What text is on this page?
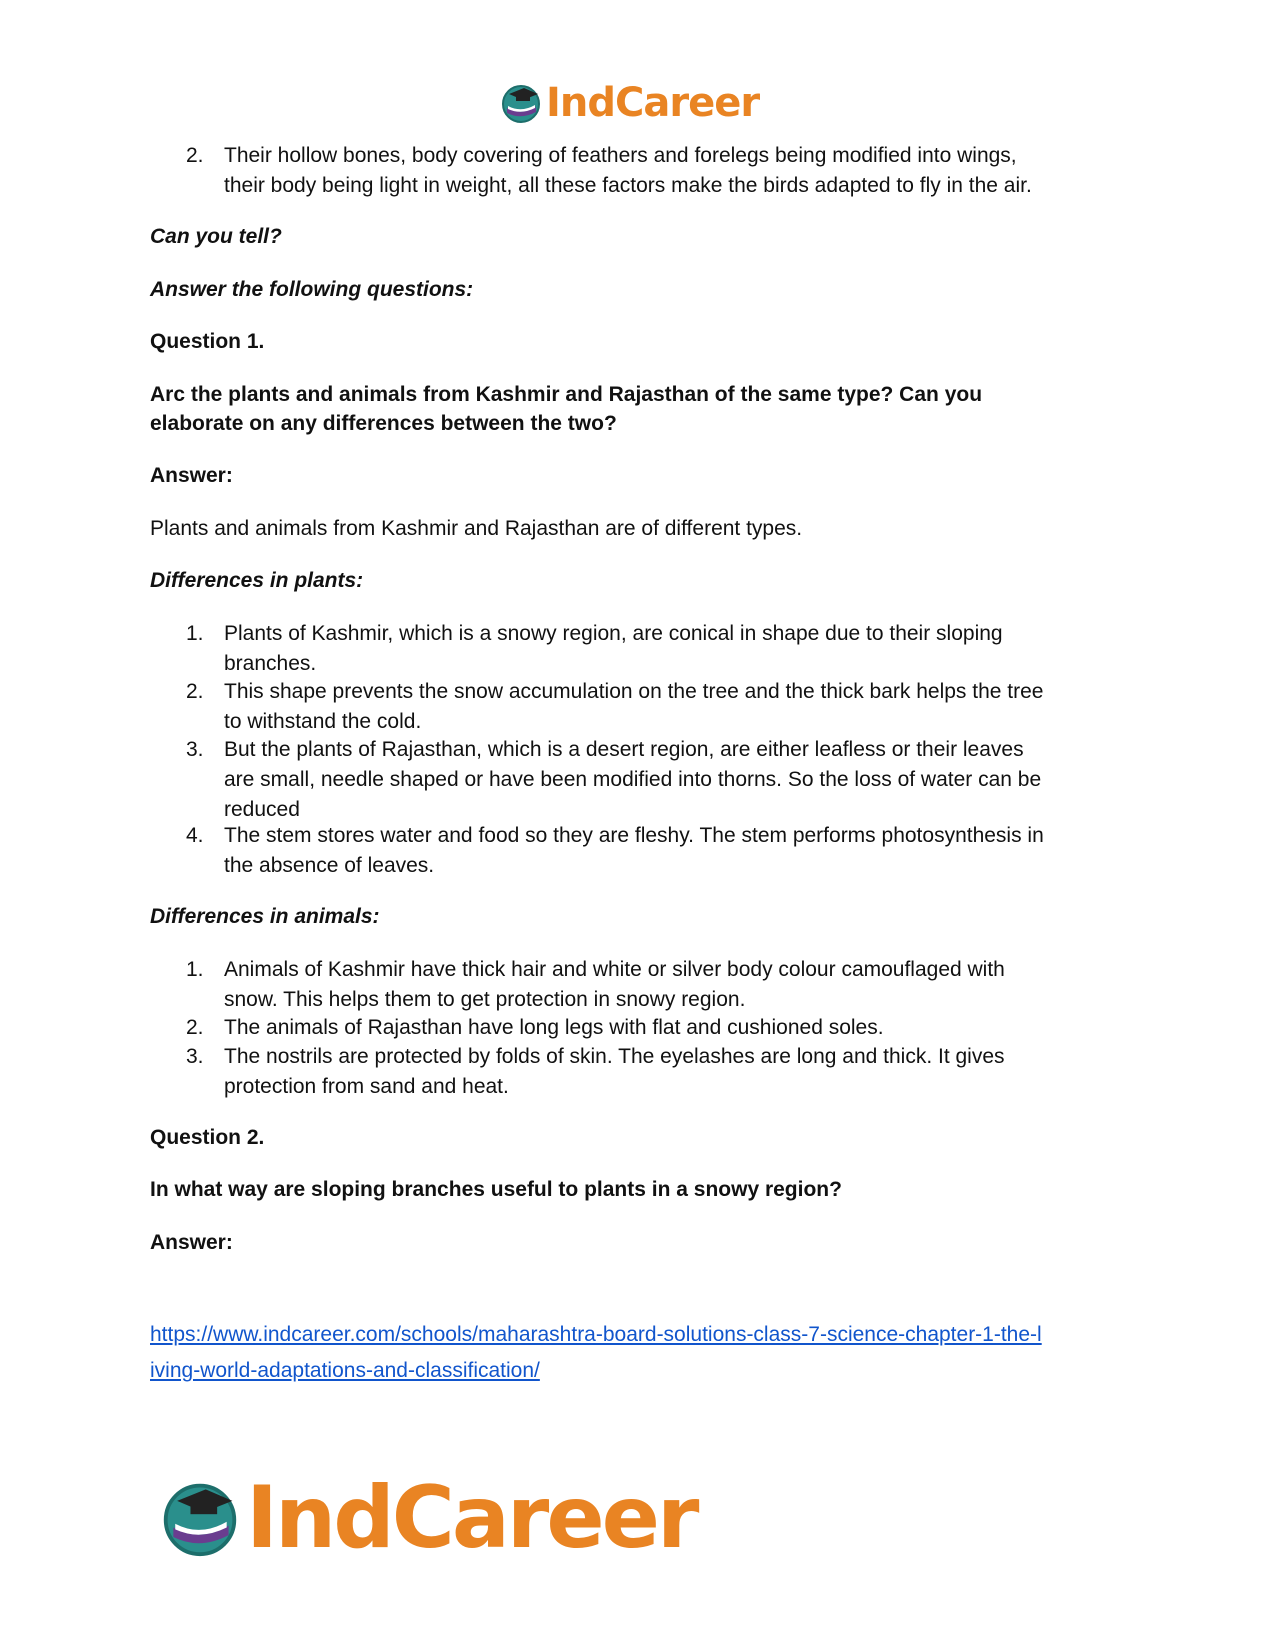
IndCareer
2. Their hollow bones, body covering of feathers and forelegs being modified into wings,
their body being light in weight, all these factors make the birds adapted to fly in the air.

Can you tell?

Answer the following questions:

Question 1.

Arc the plants and animals from Kashmir and Rajasthan of the same type? Can you

elaborate on any differences between the two?

Answer:

Plants and animals from Kashmir and Rajasthan are of different types.

Differences in plants:

1. Plants of Kashmir, which is a snowy region, are conical in shape due to their sloping
branches.
2. This shape prevents the snow accumulation on the tree and the thick bark helps the tree
to withstand the cold.
3. But the plants of Rajasthan, which is a desert region, are either leafless or their leaves
are small, needle shaped or have been modified into thorns. So the loss of water can be
reduced
4. The stem stores water and food so they are fleshy. The stem performs photosynthesis in
the absence of leaves.

Differences in animals:

1. Animals of Kashmir have thick hair and white or silver body colour camouflaged with
snow. This helps them to get protection in snowy region.
2. The animals of Rajasthan have long legs with flat and cushioned soles.
3. The nostrils are protected by folds of skin. The eyelashes are long and thick. It gives
protection from sand and heat.

Question 2.

In what way are sloping branches useful to plants in a snowy region?

Answer:

https://www.indcareer.com/schools/maharashtra-board-solutions-class-7-science-chapter-1-the-l
iving-world-adaptations-and-classification/
IndCareer
